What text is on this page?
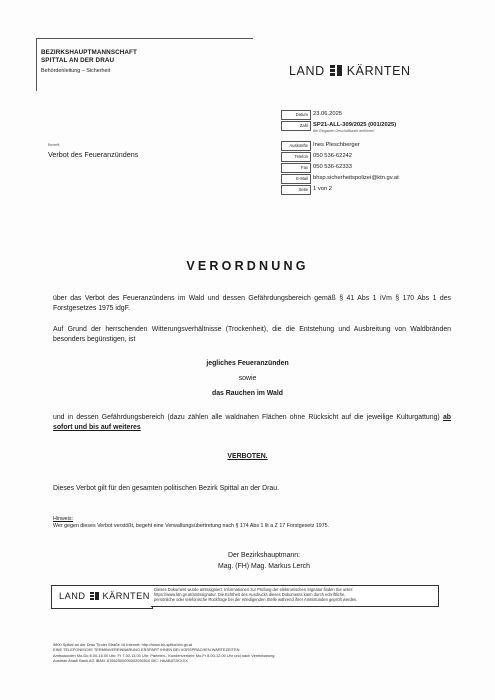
BEZIRKSHAUPTMANNSCHAFT
SPITTAL AN DER DRAU
Behördenleitung – Sicherheit	LAND KÄRNTEN
Datum 23.06.2025
Zahl SP21-ALL-309/2025 (001/2025)
Bei Eingaben Geschäftszahl anführen!
Auskünfte Ines Pleschberger
Telefon 050 536-62242
Fax 050 536-62333
E-Mail bhsp.sicherheitspolizei@ktn.gv.at
Seite 1 von 2
Betreff:
Verbot des Feueranzündens
VERORDNUNG
über das Verbot des Feueranzündens im Wald und dessen Gefährdungsbereich gemäß § 41 Abs 1 iVm § 170 Abs 1 des Forstgesetzes 1975 idgF.
Auf Grund der herrschenden Witterungsverhältnisse (Trockenheit), die die Entstehung und Ausbreitung von Waldbränden besonders begünstigen, ist
jegliches Feueranzünden
sowie
das Rauchen im Wald
und in dessen Gefährdungsbereich (dazu zählen alle waldnahen Flächen ohne Rücksicht auf die jeweilige Kulturgattung) ab sofort und bis auf weiteres
VERBOTEN.
Dieses Verbot gilt für den gesamten politischen Bezirk Spittal an der Drau.
Hinweis:
Wer gegen dieses Verbot verstößt, begeht eine Verwaltungsübertretung nach § 174 Abs 1 lit a Z 17 Forstgesetz 1975.
Der Bezirkshauptmann:
Mag. (FH) Mag. Markus Lerch
LAND KÄRNTEN
Dieses Dokument wurde amtssigniert. Informationen zur Prüfung der elektronischen Signatur finden Sie unter:
https://www.ktn.gv.at/amtssignatur. Die Echtheit des Ausdrucks dieses Dokuments kann durch schriftliche,
persönliche oder telefonische Rückfrage bei der erledigenden Stelle während ihrer Amtsstunden geprüft werden.
9800 Spittal an der Drau Tiroler Straße 16 Internet: http://www.bh-spittal.ktn.gv.at
EINE TELEFONISCHE TERMINVEREINBARUNG ERSPART IHNEN BEI VORSPRACHEN WARTEZEITEN
Amtsstunden Mo-Do 8.00-16.00 Uhr, Fr 7.30-13.00 Uhr; Parteien-, Kundenverkehr Mo-Fr 8.00-12.00 Uhr und nach Vereinbarung
Austrian Anadi Bank AG IBAN: AT652500000002050510 BIC: HAABAT2KXXX
